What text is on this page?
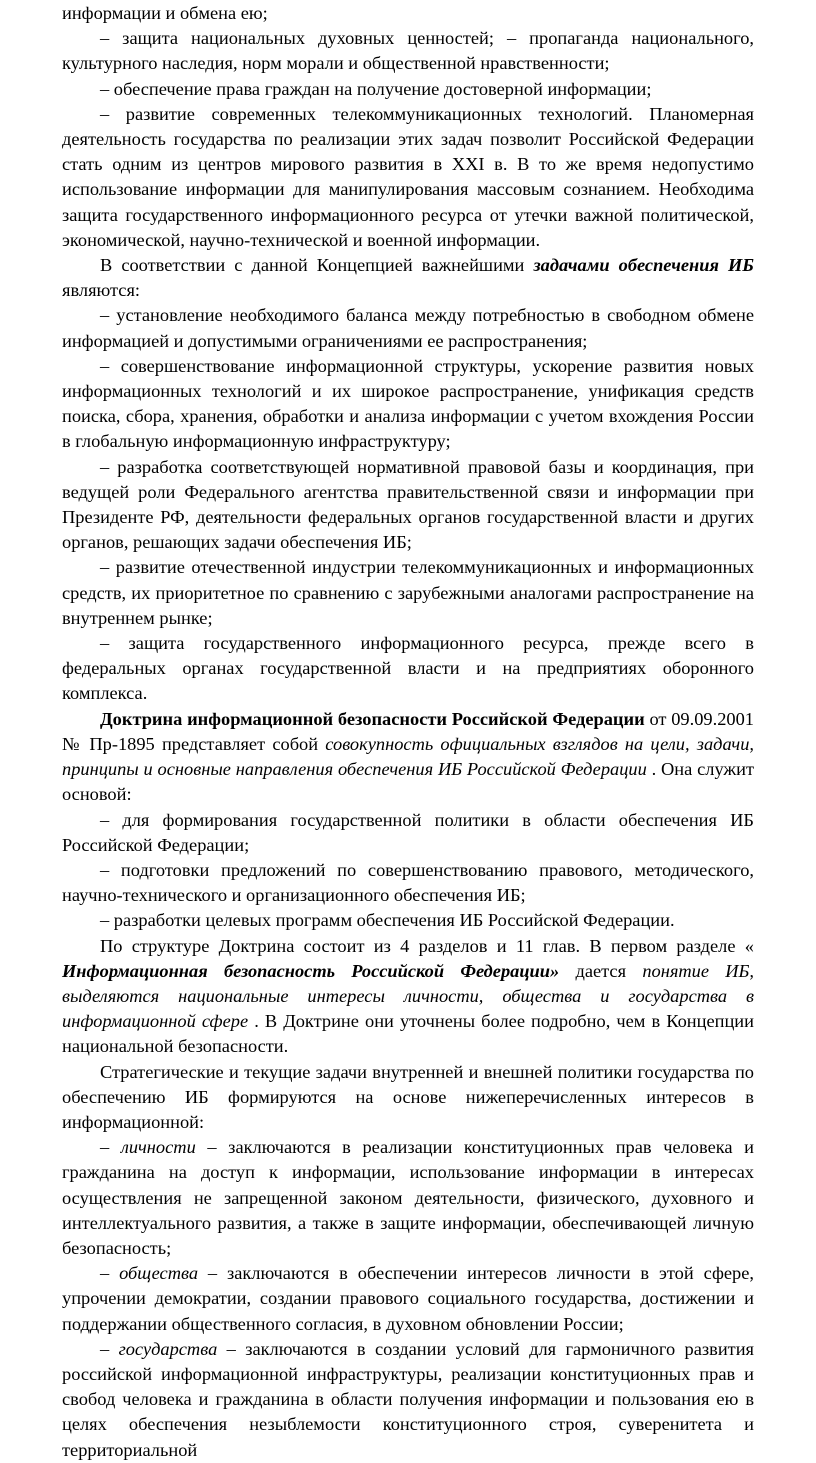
информации и обмена ею;

– защита национальных духовных ценностей; – пропаганда национального, культурного наследия, норм морали и общественной нравственности;

– обеспечение права граждан на получение достоверной информации;

– развитие современных телекоммуникационных технологий. Планомерная деятельность государства по реализации этих задач позволит Российской Федерации стать одним из центров мирового развития в XXI в. В то же время недопустимо использование информации для манипулирования массовым сознанием. Необходима защита государственного информационного ресурса от утечки важной политической, экономической, научно-технической и военной информации.

В соответствии с данной Концепцией важнейшими задачами обеспечения ИБ являются:

– установление необходимого баланса между потребностью в свободном обмене информацией и допустимыми ограничениями ее распространения;

– совершенствование информационной структуры, ускорение развития новых информационных технологий и их широкое распространение, унификация средств поиска, сбора, хранения, обработки и анализа информации с учетом вхождения России в глобальную информационную инфраструктуру;

– разработка соответствующей нормативной правовой базы и координация, при ведущей роли Федерального агентства правительственной связи и информации при Президенте РФ, деятельности федеральных органов государственной власти и других органов, решающих задачи обеспечения ИБ;

– развитие отечественной индустрии телекоммуникационных и информационных средств, их приоритетное по сравнению с зарубежными аналогами распространение на внутреннем рынке;

– защита государственного информационного ресурса, прежде всего в федеральных органах государственной власти и на предприятиях оборонного комплекса.

Доктрина информационной безопасности Российской Федерации от 09.09.2001 № Пр-1895 представляет собой совокупность официальных взглядов на цели, задачи, принципы и основные направления обеспечения ИБ Российской Федерации . Она служит основой:

– для формирования государственной политики в области обеспечения ИБ Российской Федерации;

– подготовки предложений по совершенствованию правового, методического, научно-технического и организационного обеспечения ИБ;

– разработки целевых программ обеспечения ИБ Российской Федерации.

По структуре Доктрина состоит из 4 разделов и 11 глав. В первом разделе « Информационная безопасность Российской Федерации» дается понятие ИБ, выделяются национальные интересы личности, общества и государства в информационной сфере . В Доктрине они уточнены более подробно, чем в Концепции национальной безопасности.

Стратегические и текущие задачи внутренней и внешней политики государства по обеспечению ИБ формируются на основе нижеперечисленных интересов в информационной:

– личности – заключаются в реализации конституционных прав человека и гражданина на доступ к информации, использование информации в интересах осуществления не запрещенной законом деятельности, физического, духовного и интеллектуального развития, а также в защите информации, обеспечивающей личную безопасность;

– общества – заключаются в обеспечении интересов личности в этой сфере, упрочении демократии, создании правового социального государства, достижении и поддержании общественного согласия, в духовном обновлении России;

– государства – заключаются в создании условий для гармоничного развития российской информационной инфраструктуры, реализации конституционных прав и свобод человека и гражданина в области получения информации и пользования ею в целях обеспечения незыблемости конституционного строя, суверенитета и территориальной
